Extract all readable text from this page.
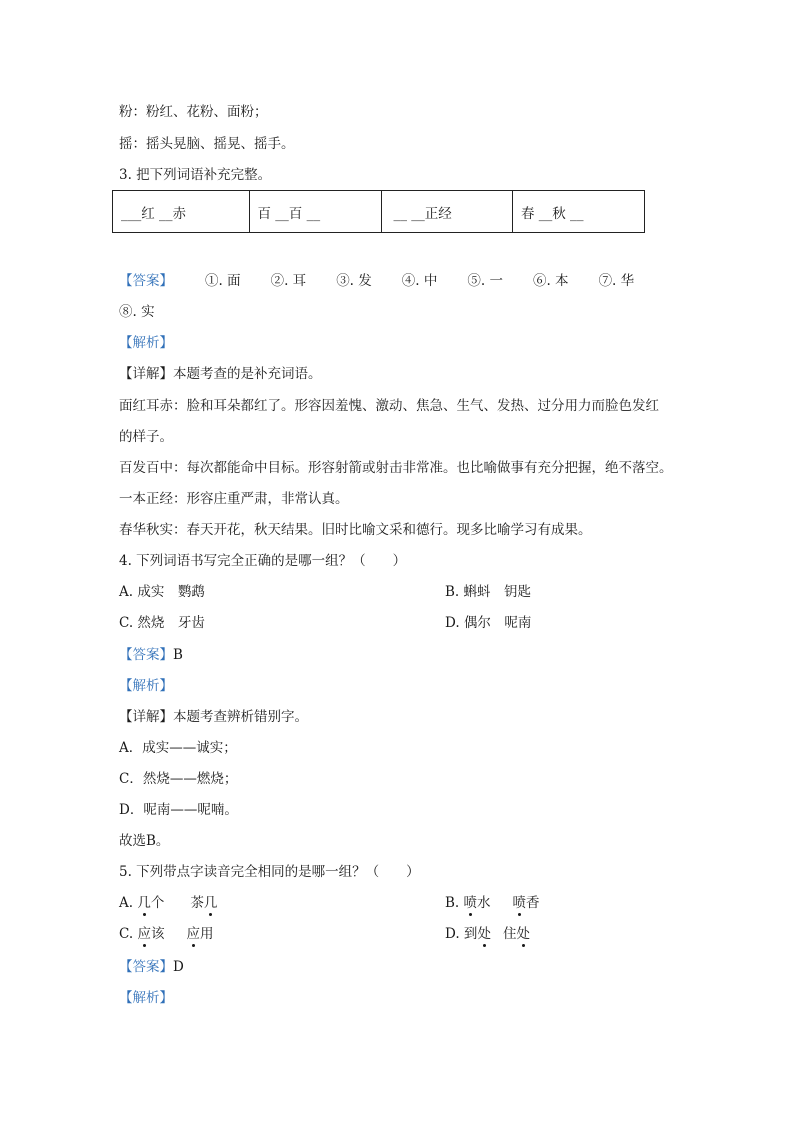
粉：粉红、花粉、面粉；
摇：摇头晃脑、摇晃、摇手。
3. 把下列词语补充完整。
___红 __赤	百 __百 __	__ __正经	春 __秋 __
【答案】 ①. 面 ②. 耳 ③. 发 ④. 中 ⑤. 一 ⑥. 本 ⑦. 华
⑧. 实
【解析】
【详解】本题考查的是补充词语。
面红耳赤：脸和耳朵都红了。形容因羞愧、激动、焦急、生气、发热、过分用力而脸色发红
的样子。
百发百中：每次都能命中目标。形容射箭或射击非常准。也比喻做事有充分把握，绝不落空。
一本正经：形容庄重严肃，非常认真。
春华秋实：春天开花，秋天结果。旧时比喻文采和德行。现多比喻学习有成果。
4. 下列词语书写完全正确的是哪一组？（　　）
A. 成实　鹦鹉	B. 蝌蚪　钥匙
C. 然烧　牙齿	D. 偶尔　呢南
【答案】B
【解析】
【详解】本题考查辨析错别字。
A．成实——诚实；
C．然烧——燃烧；
D．呢南——呢喃。
故选B。
5. 下列带点字读音完全相同的是哪一组？（　　）
A. 几个 茶几	B. 喷水 喷香
C. 应该 应用	D. 到处 住处
【答案】D
【解析】
